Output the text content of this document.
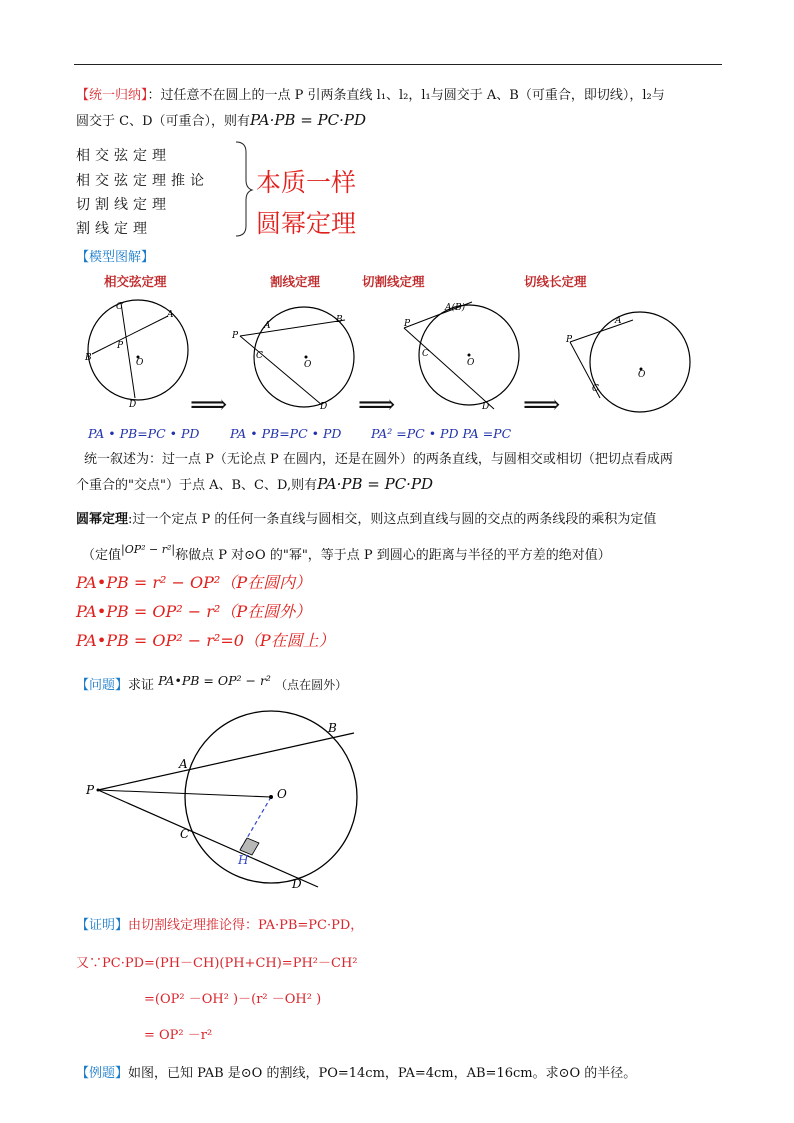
【统一归纳】：过任意不在圆上的一点 P 引两条直线 l₁、l₂，l₁与圆交于 A、B（可重合，即切线），l₂与
圆交于 C、D（可重合），则有PA·PB = PC·PD
相交弦定理
相交弦定理推论
切割线定理
割线定理
本质一样
圆幂定理
【模型图解】
相交弦定理	割线定理	切割线定理	切线长定理
C
A
P
B	O
D
P
A
B
C
O
D
⟹
A(B)
P
C
O
D
⟹
A
P
O
C
⟹
PA • PB=PC • PD PA • PB=PC • PD PA² =PC • PD PA =PC
统一叙述为：过一点 P（无论点 P 在圆内，还是在圆外）的两条直线，与圆相交或相切（把切点看成两
个重合的"交点"）于点 A、B、C、D,则有PA·PB = PC·PD
圆幂定理:过一个定点 P 的任何一条直线与圆相交，则这点到直线与圆的交点的两条线段的乘积为定值
（定值$^{|OP^2 - r^2|}$称做点 P 对⊙O 的"幂"，等于点 P 到圆心的距离与半径的平方差的绝对值）
PA•PB = r² − OP²（P在圆内）
PA•PB = OP² − r²（P在圆外）
PA•PB = OP² − r²=0（P在圆上）
【问题】求证 PA•PB = OP² − r² （点在圆外）
B
A
P	O
C
H
D
【证明】由切割线定理推论得：PA·PB=PC·PD，
又∵PC·PD=(PH－CH)(PH+CH)=PH²－CH²
=(OP² －OH² )－(r² －OH² )
= OP² －r²
【例题】如图，已知 PAB 是⊙O 的割线，PO=14cm，PA=4cm，AB=16cm。求⊙O 的半径。
